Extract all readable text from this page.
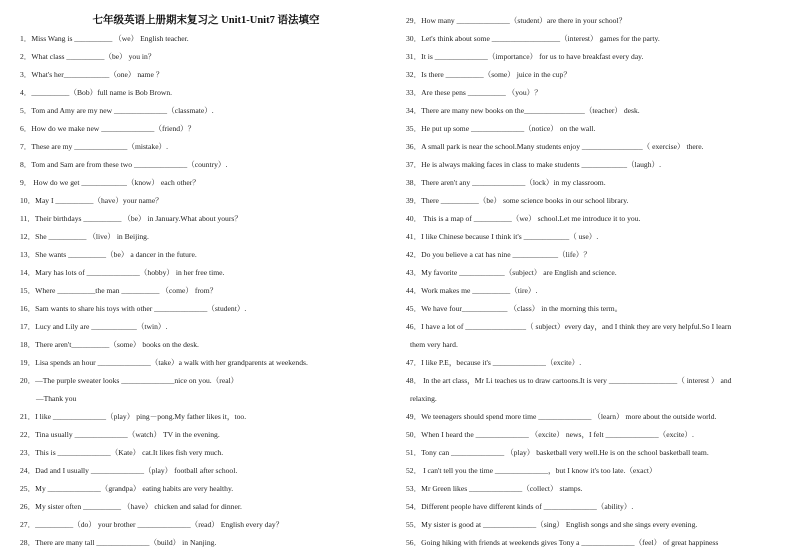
七年级英语上册期末复习之 Unit1-Unit7 语法填空
1．Miss Wang is __________ （we） English teacher.
2．What class __________（be） you in？
3．What's her____________（one） name ？
4．__________（Bob）full name is Bob Brown.
5．Tom and Amy are my new ______________（classmate）.
6．How do we make new ______________（friend）？
7．These are my ______________（mistake）.
8．Tom and Sam are from these two ______________（country）.
9． How do we get ____________（know） each other？
10．May I __________（have）your name？
11．Their birthdays __________ （be） in January.What about yours？
12．She __________ （live） in Beijing.
13．She wants __________（be） a dancer in the future.
14．Mary has lots of ______________（hobby） in her free time.
15．Where __________the man __________ （come） from？
16．Sam wants to share his toys with other ______________（student）.
17．Lucy and Lily are ____________（twin）.
18．There aren't__________（some） books on the desk.
19．Lisa spends an hour ______________（take）a walk with her grandparents at weekends.
20．—The purple sweater looks ______________nice on you.（real）
—Thank you
21．I like ______________（play） ping－pong.My father likes it，too.
22．Tina usually ______________（watch） TV in the evening.
23．This is ______________（Kate） cat.It likes fish very much.
24．Dad and I usually ______________（play） football after school.
25．My ______________（grandpa） eating habits are very healthy.
26．My sister often __________ （have） chicken and salad for dinner.
27．__________（do） your brother ______________（read） English every day？
28．There are many tall ______________（build） in Nanjing.
29．How many ______________（student）are there in your school？
30．Let's think about some __________________（interest） games for the party.
31．It is ______________（importance） for us to have breakfast every day.
32．Is there __________（some） juice in the cup？
33．Are these pens __________ （you）？
34．There are many new books on the________________（teacher） desk.
35．He put up some ______________（notice） on the wall.
36．A small park is near the school.Many students enjoy ________________（ exercise） there.
37．He is always making faces in class to make students ____________（laugh）.
38．There aren't any ______________（lock）in my classroom.
39．There __________（be） some science books in our school library.
40． This is a map of __________（we） school.Let me introduce it to you.
41．I like Chinese because I think it's ____________（ use）.
42．Do you believe a cat has nine ____________（life）？
43．My favorite ____________（subject） are English and science.
44．Work makes me __________（tire）.
45．We have four____________ （class） in the morning this term。
46．I have a lot of ________________（ subject）every day，and I think they are very helpful.So I learn
them very hard.
47．I like P.E，because it's ______________（excite）.
48． In the art class，Mr Li teaches us to draw cartoons.It is very __________________（ interest ） and
relaxing.
49．We teenagers should spend more time ______________ （learn） more about the outside world.
50．When I heard the ______________ （excite） news，I felt ______________（excite）.
51．Tony can ______________ （play） basketball very well.He is on the school basketball team.
52． I can't tell you the time ______________，but I know it's too late.（exact）
53．Mr Green likes ______________（collect） stamps.
54．Different people have different kinds of ______________（ability）.
55．My sister is good at ______________（sing） English songs and she sings every evening.
56．Going hiking with friends at weekends gives Tony a ______________（feel） of great happiness
